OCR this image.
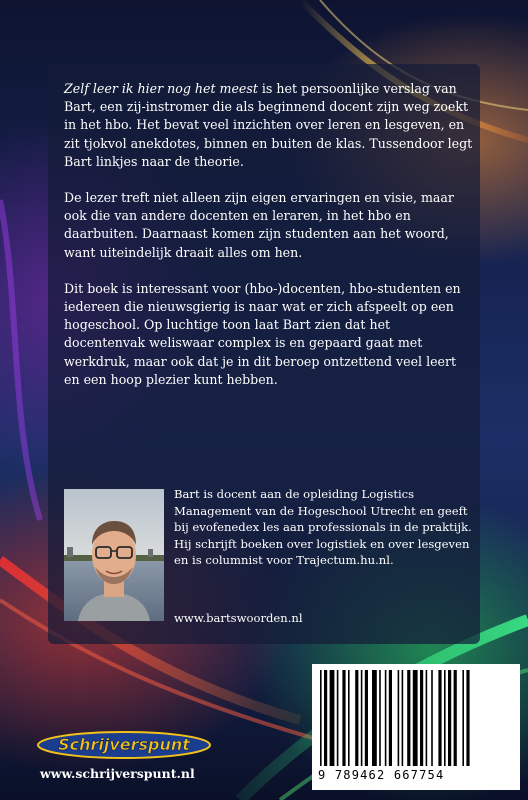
Zelf leer ik hier nog het meest is het persoonlijke verslag van Bart, een zij-instromer die als beginnend docent zijn weg zoekt in het hbo. Het bevat veel inzichten over leren en lesgeven, en zit tjokvol anekdotes, binnen en buiten de klas. Tussendoor legt Bart linkjes naar de theorie.

De lezer treft niet alleen zijn eigen ervaringen en visie, maar ook die van andere docenten en leraren, in het hbo en daarbuiten. Daarnaast komen zijn studenten aan het woord, want uiteindelijk draait alles om hen.

Dit boek is interessant voor (hbo-)docenten, hbo-studenten en iedereen die nieuwsgierig is naar wat er zich afspeelt op een hogeschool. Op luchtige toon laat Bart zien dat het docentenvak weliswaar complex is en gepaard gaat met werkdruk, maar ook dat je in dit beroep ontzettend veel leert en een hoop plezier kunt hebben.

Bart is docent aan de opleiding Logistics Management van de Hogeschool Utrecht en geeft bij evofenedex les aan professionals in de praktijk. Hij schrijft boeken over logistiek en over lesgeven en is columnist voor Trajectum.hu.nl.

www.bartswoorden.nl
9 789462 667754
Schrijverspunt
www.schrijverspunt.nl
